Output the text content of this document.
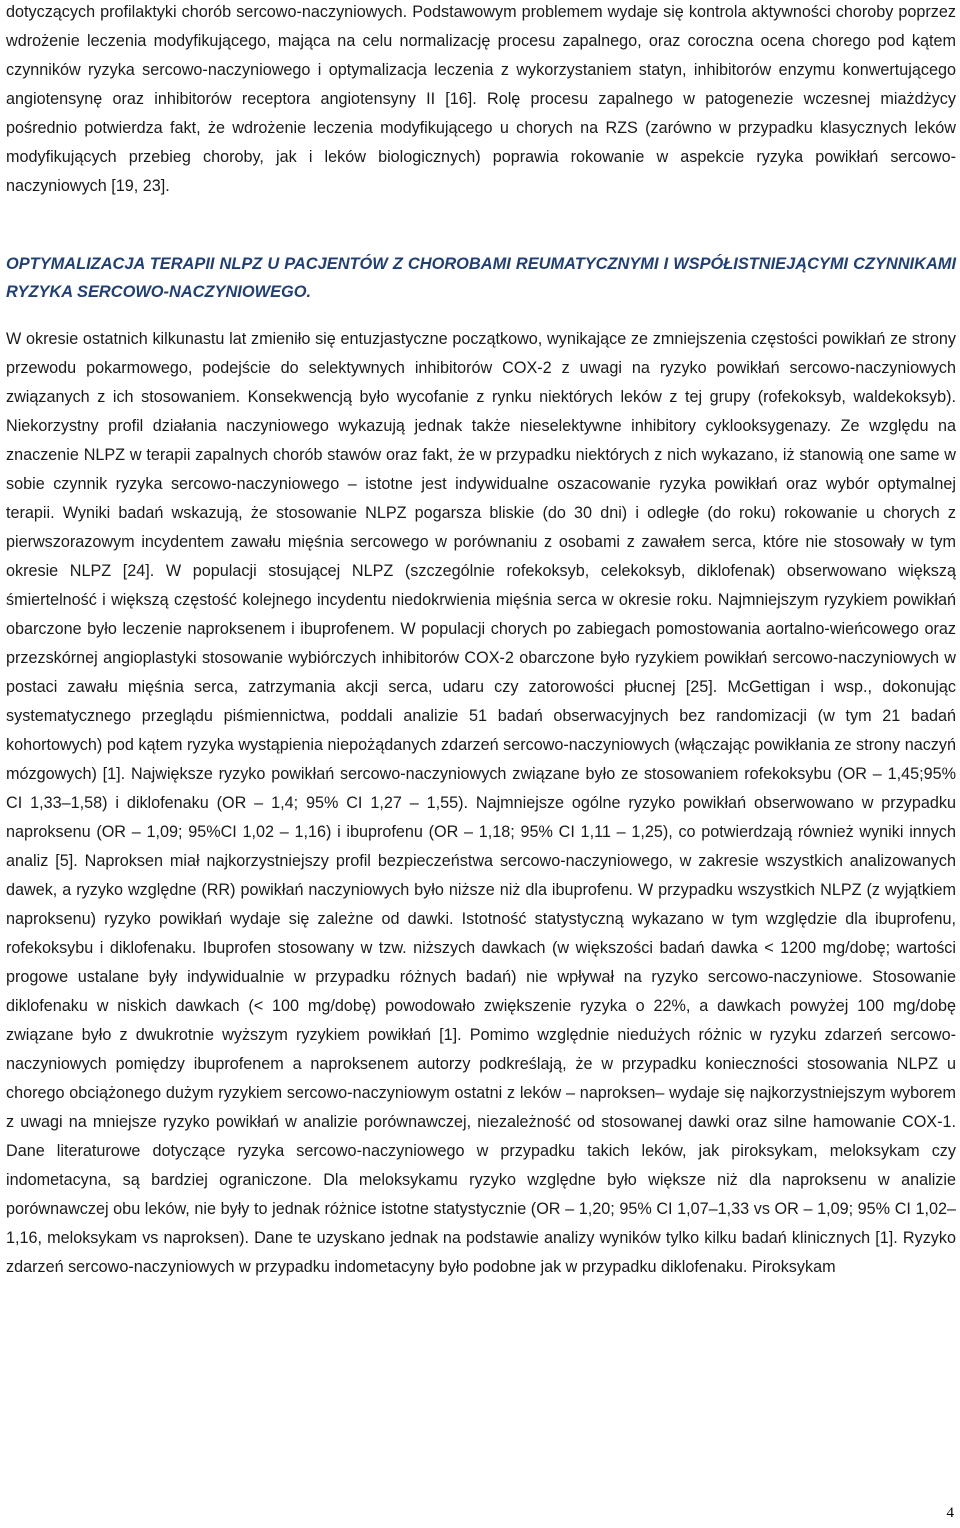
dotyczących profilaktyki chorób sercowo-naczyniowych. Podstawowym problemem wydaje się kontrola aktywności choroby poprzez wdrożenie leczenia modyfikującego, mająca na celu normalizację procesu zapalnego, oraz coroczna ocena chorego pod kątem czynników ryzyka sercowo-naczyniowego i optymalizacja leczenia z wykorzystaniem statyn, inhibitorów enzymu konwertującego angiotensynę oraz inhibitorów receptora angiotensyny II [16]. Rolę procesu zapalnego w patogenezie wczesnej miażdżycy pośrednio potwierdza fakt, że wdrożenie leczenia modyfikującego u chorych na RZS (zarówno w przypadku klasycznych leków modyfikujących przebieg choroby, jak i leków biologicznych) poprawia rokowanie w aspekcie ryzyka powikłań sercowo-naczyniowych [19, 23].

OPTYMALIZACJA TERAPII NLPZ U PACJENTÓW Z CHOROBAMI REUMATYCZNYMI I WSPÓŁISTNIEJĄCYMI CZYNNIKAMI RYZYKA SERCOWO-NACZYNIOWEGO.

W okresie ostatnich kilkunastu lat zmieniło się entuzjastyczne początkowo, wynikające ze zmniejszenia częstości powikłań ze strony przewodu pokarmowego, podejście do selektywnych inhibitorów COX-2 z uwagi na ryzyko powikłań sercowo-naczyniowych związanych z ich stosowaniem. Konsekwencją było wycofanie z rynku niektórych leków z tej grupy (rofekoksyb, waldekoksyb). Niekorzystny profil działania naczyniowego wykazują jednak także nieselektywne inhibitory cyklooksygenazy. Ze względu na znaczenie NLPZ w terapii zapalnych chorób stawów oraz fakt, że w przypadku niektórych z nich wykazano, iż stanowią one same w sobie czynnik ryzyka sercowo-naczyniowego – istotne jest indywidualne oszacowanie ryzyka powikłań oraz wybór optymalnej terapii. Wyniki badań wskazują, że stosowanie NLPZ pogarsza bliskie (do 30 dni) i odległe (do roku) rokowanie u chorych z pierwszorazowym incydentem zawału mięśnia sercowego w porównaniu z osobami z zawałem serca, które nie stosowały w tym okresie NLPZ [24]. W populacji stosującej NLPZ (szczególnie rofekoksyb, celekoksyb, diklofenak) obserwowano większą śmiertelność i większą częstość kolejnego incydentu niedokrwienia mięśnia serca w okresie roku. Najmniejszym ryzykiem powikłań obarczone było leczenie naproksenem i ibuprofenem. W populacji chorych po zabiegach pomostowania aortalno-wieńcowego oraz przezskórnej angioplastyki stosowanie wybiórczych inhibitorów COX-2 obarczone było ryzykiem powikłań sercowo-naczyniowych w postaci zawału mięśnia serca, zatrzymania akcji serca, udaru czy zatorowości płucnej [25]. McGettigan i wsp., dokonując systematycznego przeglądu piśmiennictwa, poddali analizie 51 badań obserwacyjnych bez randomizacji (w tym 21 badań kohortowych) pod kątem ryzyka wystąpienia niepożądanych zdarzeń sercowo-naczyniowych (włączając powikłania ze strony naczyń mózgowych) [1]. Największe ryzyko powikłań sercowo-naczyniowych związane było ze stosowaniem rofekoksybu (OR – 1,45;95% CI 1,33–1,58) i diklofenaku (OR – 1,4; 95% CI 1,27 – 1,55). Najmniejsze ogólne ryzyko powikłań obserwowano w przypadku naproksenu (OR – 1,09; 95%CI 1,02 – 1,16) i ibuprofenu (OR – 1,18; 95% CI 1,11 – 1,25), co potwierdzają również wyniki innych analiz [5]. Naproksen miał najkorzystniejszy profil bezpieczeństwa sercowo-naczyniowego, w zakresie wszystkich analizowanych dawek, a ryzyko względne (RR) powikłań naczyniowych było niższe niż dla ibuprofenu. W przypadku wszystkich NLPZ (z wyjątkiem naproksenu) ryzyko powikłań wydaje się zależne od dawki. Istotność statystyczną wykazano w tym względzie dla ibuprofenu, rofekoksybu i diklofenaku. Ibuprofen stosowany w tzw. niższych dawkach (w większości badań dawka < 1200 mg/dobę; wartości progowe ustalane były indywidualnie w przypadku różnych badań) nie wpływał na ryzyko sercowo-naczyniowe. Stosowanie diklofenaku w niskich dawkach (< 100 mg/dobę) powodowało zwiększenie ryzyka o 22%, a dawkach powyżej 100 mg/dobę związane było z dwukrotnie wyższym ryzykiem powikłań [1]. Pomimo względnie niedużych różnic w ryzyku zdarzeń sercowo-naczyniowych pomiędzy ibuprofenem a naproksenem autorzy podkreślają, że w przypadku konieczności stosowania NLPZ u chorego obciążonego dużym ryzykiem sercowo-naczyniowym ostatni z leków – naproksen– wydaje się najkorzystniejszym wyborem z uwagi na mniejsze ryzyko powikłań w analizie porównawczej, niezależność od stosowanej dawki oraz silne hamowanie COX-1. Dane literaturowe dotyczące ryzyka sercowo-naczyniowego w przypadku takich leków, jak piroksykam, meloksykam czy indometacyna, są bardziej ograniczone. Dla meloksykamu ryzyko względne było większe niż dla naproksenu w analizie porównawczej obu leków, nie były to jednak różnice istotne statystycznie (OR – 1,20; 95% CI 1,07–1,33 vs OR – 1,09; 95% CI 1,02–1,16, meloksykam vs naproksen). Dane te uzyskano jednak na podstawie analizy wyników tylko kilku badań klinicznych [1]. Ryzyko zdarzeń sercowo-naczyniowych w przypadku indometacyny było podobne jak w przypadku diklofenaku. Piroksykam

4
